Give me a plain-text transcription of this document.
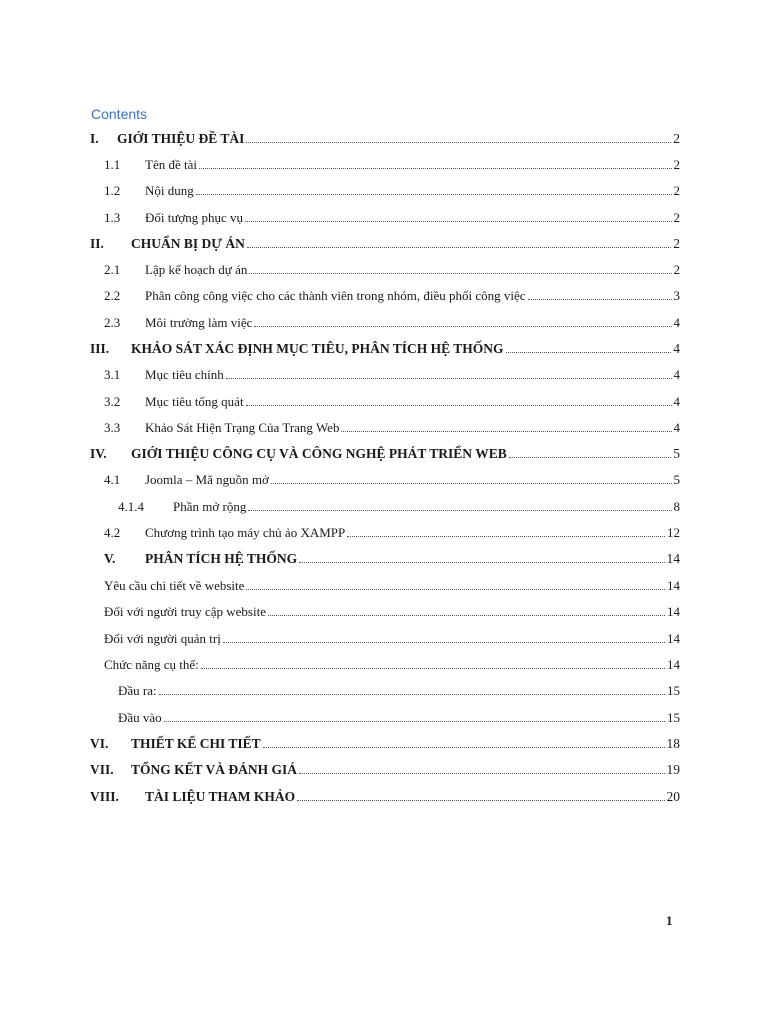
Contents
I.	GIỚI THIỆU ĐỀ TÀI	2
1.1	Tên đề tài	2
1.2	Nội dung	2
1.3	Đối tượng phục vụ	2
II.	CHUẨN BỊ DỰ ÁN	2
2.1	Lập kế hoạch dự án	2
2.2	Phân công công việc cho các thành viên trong nhóm, điều phối công việc	3
2.3	Môi trường làm việc	4
III.	KHẢO SÁT XÁC ĐỊNH MỤC TIÊU, PHÂN TÍCH HỆ THỐNG	4
3.1	Mục tiêu chính	4
3.2	Mục tiêu tổng quát	4
3.3	Khảo Sát Hiện Trạng Của Trang Web	4
IV.	GIỚI THIỆU CÔNG CỤ VÀ CÔNG NGHỆ PHÁT TRIỂN WEB	5
4.1	Joomla – Mã nguồn mở	5
4.1.4	Phần mở rộng	8
4.2	Chương trình tạo máy chủ ảo XAMPP	12
V.	PHÂN TÍCH HỆ THỐNG	14
Yêu cầu chi tiết về website	14
Đối với người truy cập website	14
Đối với người quản trị	14
Chức năng cụ thể:	14
Đầu ra:	15
Đầu vào	15
VI.	THIẾT KẾ CHI TIẾT	18
VII.	TỔNG KẾT VÀ ĐÁNH GIÁ	19
VIII.	TÀI LIỆU THAM KHẢO	20
1
